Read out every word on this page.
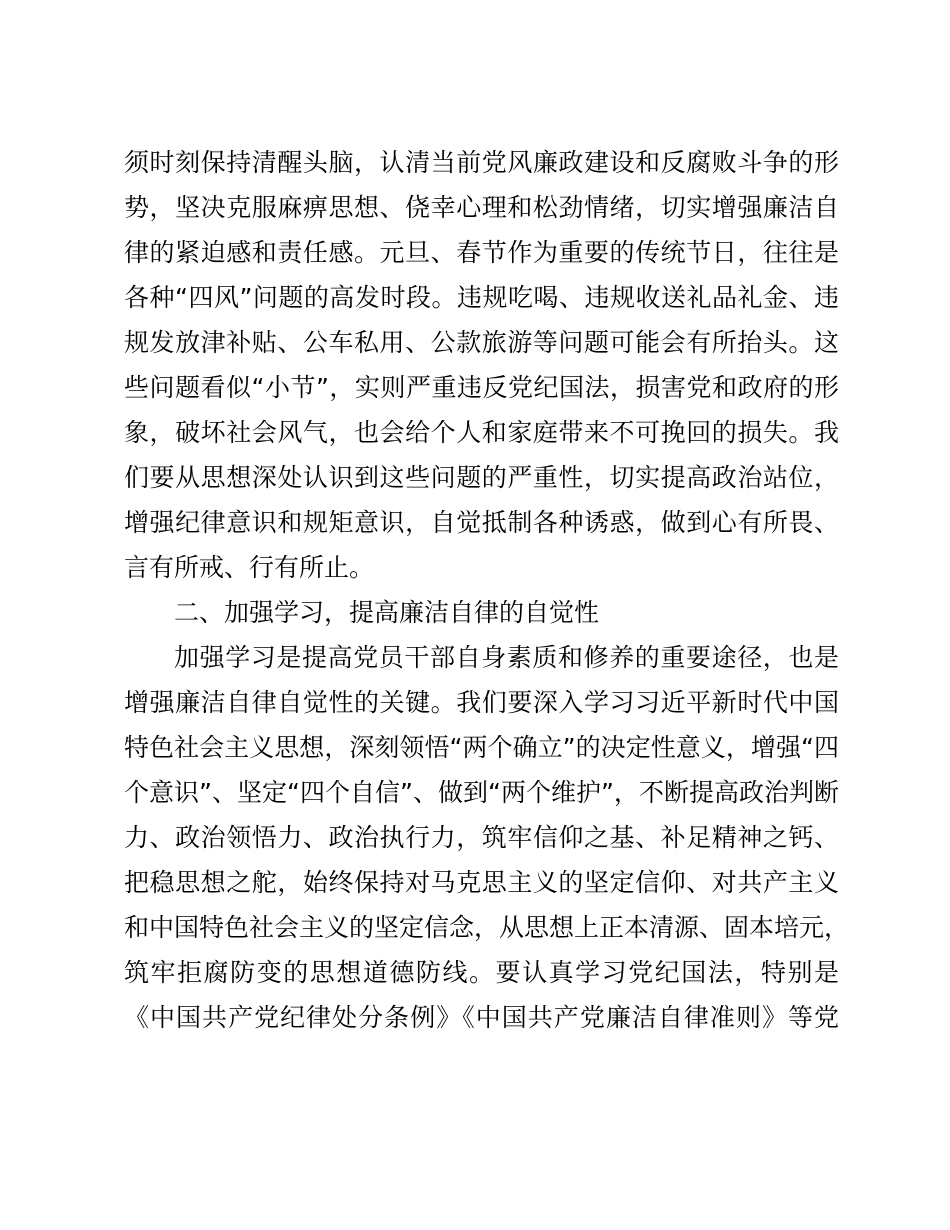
须时刻保持清醒头脑，认清当前党风廉政建设和反腐败斗争的形
势，坚决克服麻痹思想、侥幸心理和松劲情绪，切实增强廉洁自
律的紧迫感和责任感。元旦、春节作为重要的传统节日，往往是
各种“四风”问题的高发时段。违规吃喝、违规收送礼品礼金、违
规发放津补贴、公车私用、公款旅游等问题可能会有所抬头。这
些问题看似“小节”，实则严重违反党纪国法，损害党和政府的形
象，破坏社会风气，也会给个人和家庭带来不可挽回的损失。我
们要从思想深处认识到这些问题的严重性，切实提高政治站位，
增强纪律意识和规矩意识，自觉抵制各种诱惑，做到心有所畏、
言有所戒、行有所止。
二、加强学习，提高廉洁自律的自觉性
加强学习是提高党员干部自身素质和修养的重要途径，也是
增强廉洁自律自觉性的关键。我们要深入学习习近平新时代中国
特色社会主义思想，深刻领悟“两个确立”的决定性意义，增强“四
个意识”、坚定“四个自信”、做到“两个维护”，不断提高政治判断
力、政治领悟力、政治执行力，筑牢信仰之基、补足精神之钙、
把稳思想之舵，始终保持对马克思主义的坚定信仰、对共产主义
和中国特色社会主义的坚定信念，从思想上正本清源、固本培元，
筑牢拒腐防变的思想道德防线。要认真学习党纪国法，特别是
《中国共产党纪律处分条例》《中国共产党廉洁自律准则》等党
